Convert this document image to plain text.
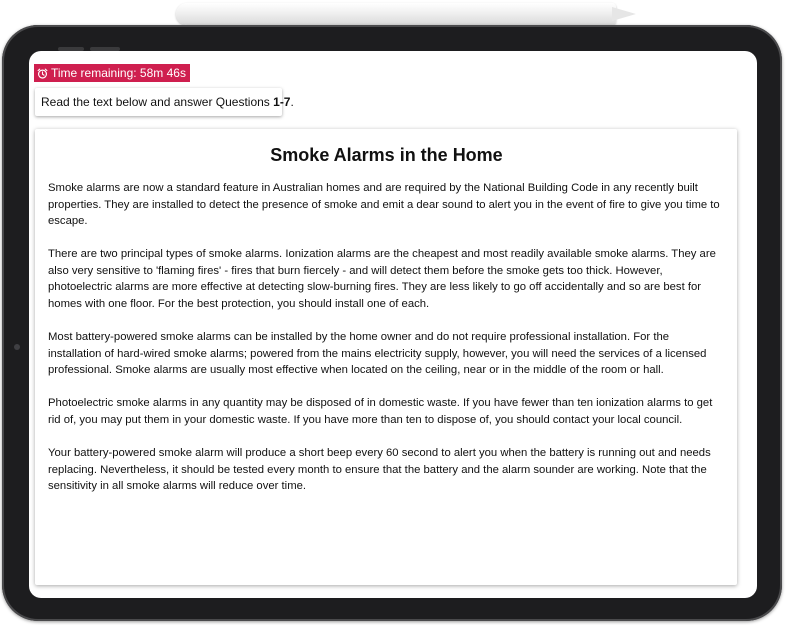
Time remaining: 58m 46s
Read the text below and answer Questions 1-7.
Smoke Alarms in the Home

Smoke alarms are now a standard feature in Australian homes and are required by the National Building Code in any recently built properties. They are installed to detect the presence of smoke and emit a dear sound to alert you in the event of fire to give you time to escape.

There are two principal types of smoke alarms. Ionization alarms are the cheapest and most readily available smoke alarms. They are also very sensitive to 'flaming fires' - fires that burn fiercely - and will detect them before the smoke gets too thick. However, photoelectric alarms are more effective at detecting slow-burning fires. They are less likely to go off accidentally and so are best for homes with one floor. For the best protection, you should install one of each.

Most battery-powered smoke alarms can be installed by the home owner and do not require professional installation. For the installation of hard-wired smoke alarms; powered from the mains electricity supply, however, you will need the services of a licensed professional. Smoke alarms are usually most effective when located on the ceiling, near or in the middle of the room or hall.

Photoelectric smoke alarms in any quantity may be disposed of in domestic waste. If you have fewer than ten ionization alarms to get rid of, you may put them in your domestic waste. If you have more than ten to dispose of, you should contact your local council.

Your battery-powered smoke alarm will produce a short beep every 60 second to alert you when the battery is running out and needs replacing. Nevertheless, it should be tested every month to ensure that the battery and the alarm sounder are working. Note that the sensitivity in all smoke alarms will reduce over time.
